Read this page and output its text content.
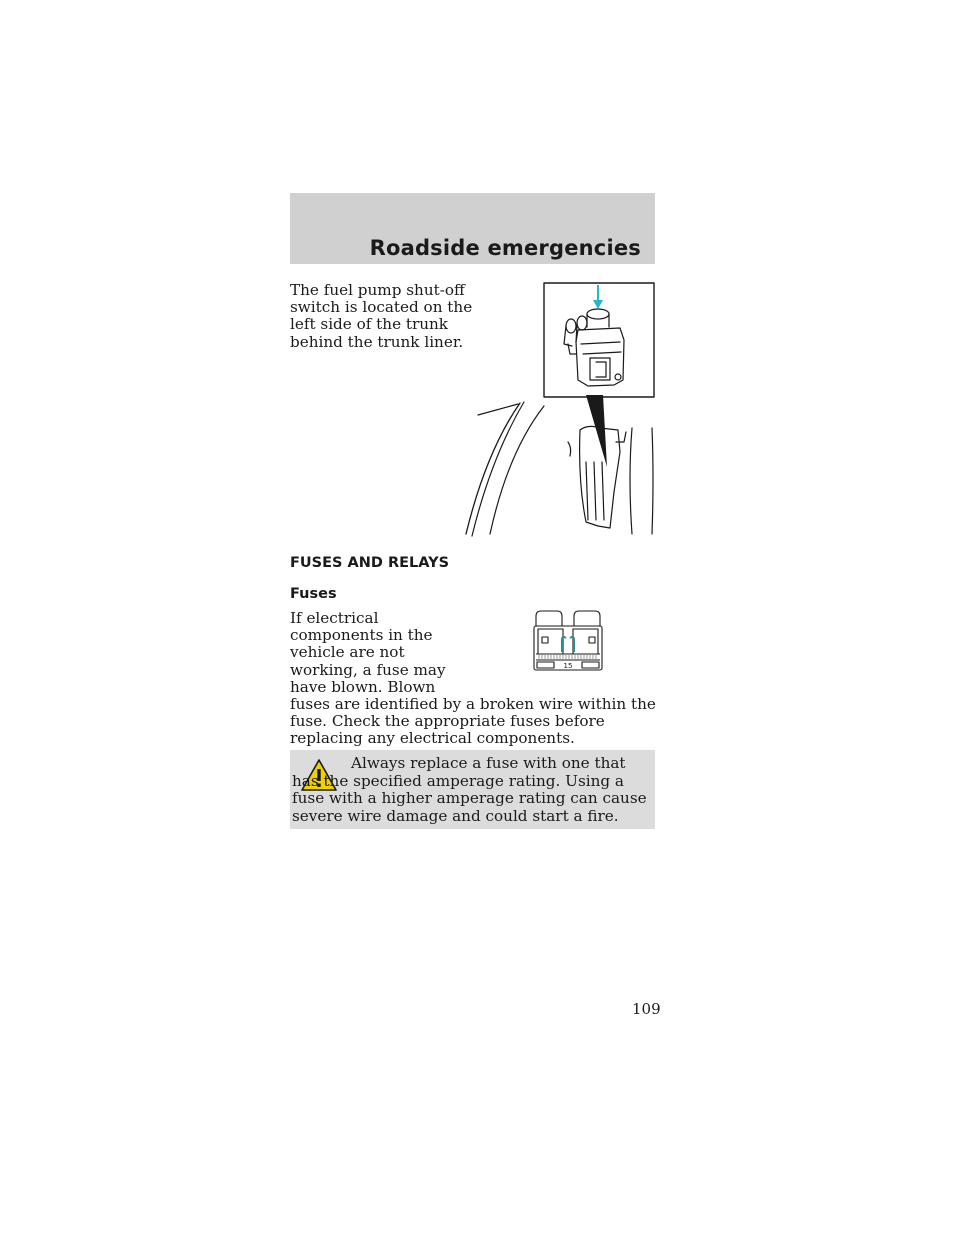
Roadside emergencies

The fuel pump shut-off switch is located on the left side of the trunk behind the trunk liner.

FUSES AND RELAYS
Fuses

If electrical components in the vehicle are not working, a fuse may have blown. Blown

15

fuses are identified by a broken wire within the fuse. Check the appropriate fuses before replacing any electrical components.

Always replace a fuse with one that has the specified amperage rating. Using a fuse with a higher amperage rating can cause severe wire damage and could start a fire.

109
